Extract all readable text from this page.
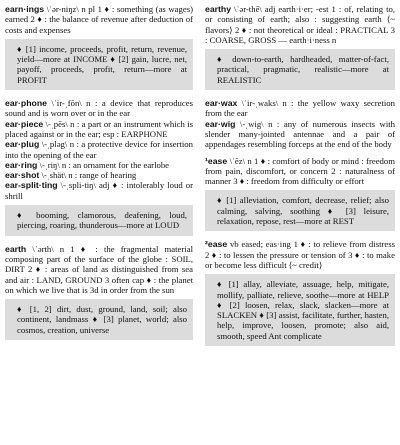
earn·ings \ˈər-niŋz\ n pl 1 ♦ : something (as wages) earned 2 ♦ : the balance of revenue after deduction of costs and expenses
♦ [1] income, proceeds, profit, return, revenue, yield—more at INCOME ♦ [2] gain, lucre, net, payoff, proceeds, profit, return—more at PROFIT
ear·phone \ˈir-ˌfōn\ n : a device that reproduces sound and is worn over or in the ear
ear·piece \-ˌpēs\ n : a part or an instrument which is placed against or in the ear; esp : EARPHONE
ear·plug \-ˌpləg\ n : a protective device for insertion into the opening of the ear
ear·ring \-ˌriŋ\ n : an ornament for the earlobe
ear·shot \-ˌshät\ n : range of hearing
ear-split·ting \-ˌspli-tiŋ\ adj ♦ : intolerably loud or shrill
♦ booming, clamorous, deafening, loud, piercing, roaring, thunderous—more at LOUD
earth \ˈərth\ n 1 ♦ : the fragmental material composing part of the surface of the globe : SOIL, DIRT 2 ♦ : areas of land as distinguished from sea and air : LAND, GROUND 3 often cap ♦ : the planet on which we live that is 3d in order from the sun
♦ [1, 2] dirt, dust, ground, land, soil; also continent, landmass ♦ [3] planet, world; also cosmos, creation, universe
earthy \ˈər-thē\ adj earth·i·er; -est 1 : of, relating to, or consisting of earth; also : suggesting earth ⟨~ flavors⟩ 2 ♦ : not theoretical or ideal : PRACTICAL 3 : COARSE, GROSS — earth·i·ness n
♦ down-to-earth, hardheaded, matter-of-fact, practical, pragmatic, realistic—more at REALISTIC
ear·wax \ˈir-ˌwaks\ n : the yellow waxy secretion from the ear
ear·wig \-ˌwig\ n : any of numerous insects with slender many-jointed antennae and a pair of appendages resembling forceps at the end of the body
¹ease \ˈēz\ n 1 ♦ : comfort of body or mind : freedom from pain, discomfort, or concern 2 : naturalness of manner 3 ♦ : freedom from difficulty or effort
♦ [1] alleviation, comfort, decrease, relief; also calming, salving, soothing ♦ [3] leisure, relaxation, repose, rest—more at REST
²ease vb eased; eas·ing 1 ♦ : to relieve from distress 2 ♦ : to lessen the pressure or tension of 3 ♦ : to make or become less difficult ⟨~ credit⟩
♦ [1] allay, alleviate, assuage, help, mitigate, mollify, palliate, relieve, soothe—more at HELP ♦ [2] loosen, relax, slack, slacken—more at SLACKEN ♦ [3] assist, facilitate, further, hasten, help, improve, loosen, promote; also aid, smooth, speed Ant complicate
